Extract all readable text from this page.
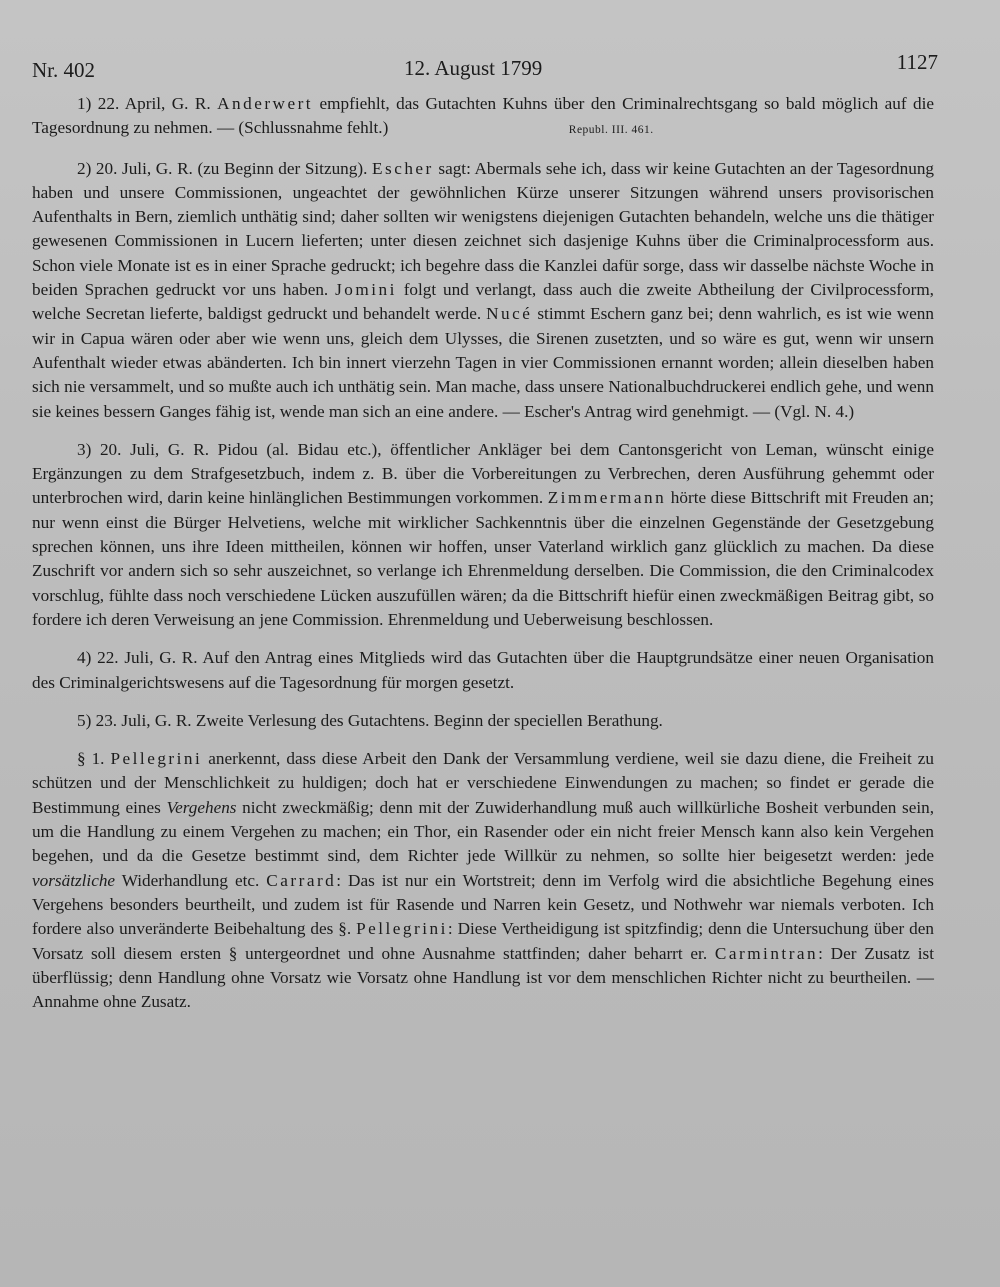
Nr. 402	12. August 1799	1127

1) 22. April, G. R. Anderwert empfiehlt, das Gutachten Kuhns über den Criminalrechtsgang so bald möglich auf die Tagesordnung zu nehmen. — (Schlussnahme fehlt.)	Republ. III. 461.

2) 20. Juli, G. R. (zu Beginn der Sitzung). Escher sagt: Abermals sehe ich, dass wir keine Gutachten an der Tagesordnung haben und unsere Commissionen, ungeachtet der gewöhnlichen Kürze unserer Sitzungen während unsers provisorischen Aufenthalts in Bern, ziemlich unthätig sind; daher sollten wir wenigstens diejenigen Gutachten behandeln, welche uns die thätiger gewesenen Commissionen in Lucern lieferten; unter diesen zeichnet sich dasjenige Kuhns über die Criminalprocessform aus. Schon viele Monate ist es in einer Sprache gedruckt; ich begehre dass die Kanzlei dafür sorge, dass wir dasselbe nächste Woche in beiden Sprachen gedruckt vor uns haben. Jomini folgt und verlangt, dass auch die zweite Abtheilung der Civilprocessform, welche Secretan lieferte, baldigst gedruckt und behandelt werde. Nucé stimmt Eschern ganz bei; denn wahrlich, es ist wie wenn wir in Capua wären oder aber wie wenn uns, gleich dem Ulysses, die Sirenen zusetzten, und so wäre es gut, wenn wir unsern Aufenthalt wieder etwas abänderten. Ich bin innert vierzehn Tagen in vier Commissionen ernannt worden; allein dieselben haben sich nie versammelt, und so mußte auch ich unthätig sein. Man mache, dass unsere Nationalbuchdruckerei endlich gehe, und wenn sie keines bessern Ganges fähig ist, wende man sich an eine andere. — Escher's Antrag wird genehmigt. — (Vgl. N. 4.)

3) 20. Juli, G. R. Pidou (al. Bidau etc.), öffentlicher Ankläger bei dem Cantonsgericht von Leman, wünscht einige Ergänzungen zu dem Strafgesetzbuch, indem z. B. über die Vorbereitungen zu Verbrechen, deren Ausführung gehemmt oder unterbrochen wird, darin keine hinlänglichen Bestimmungen vorkommen. Zimmermann hörte diese Bittschrift mit Freuden an; nur wenn einst die Bürger Helvetiens, welche mit wirklicher Sachkenntnis über die einzelnen Gegenstände der Gesetzgebung sprechen können, uns ihre Ideen mittheilen, können wir hoffen, unser Vaterland wirklich ganz glücklich zu machen. Da diese Zuschrift vor andern sich so sehr auszeichnet, so verlange ich Ehrenmeldung derselben. Die Commission, die den Criminalcodex vorschlug, fühlte dass noch verschiedene Lücken auszufüllen wären; da die Bittschrift hiefür einen zweckmäßigen Beitrag gibt, so fordere ich deren Verweisung an jene Commission. Ehrenmeldung und Ueberweisung beschlossen.

4) 22. Juli, G. R. Auf den Antrag eines Mitglieds wird das Gutachten über die Hauptgrundsätze einer neuen Organisation des Criminalgerichtswesens auf die Tagesordnung für morgen gesetzt.

5) 23. Juli, G. R. Zweite Verlesung des Gutachtens. Beginn der speciellen Berathung.

§ 1. Pellegrini anerkennt, dass diese Arbeit den Dank der Versammlung verdiene, weil sie dazu diene, die Freiheit zu schützen und der Menschlichkeit zu huldigen; doch hat er verschiedene Einwendungen zu machen; so findet er gerade die Bestimmung eines Vergehens nicht zweckmäßig; denn mit der Zuwiderhandlung muß auch willkürliche Bosheit verbunden sein, um die Handlung zu einem Vergehen zu machen; ein Thor, ein Rasender oder ein nicht freier Mensch kann also kein Vergehen begehen, und da die Gesetze bestimmt sind, dem Richter jede Willkür zu nehmen, so sollte hier beigesetzt werden: jede vorsätzliche Widerhandlung etc. Carrard: Das ist nur ein Wortstreit; denn im Verfolg wird die absichtliche Begehung eines Vergehens besonders beurtheilt, und zudem ist für Rasende und Narren kein Gesetz, und Nothwehr war niemals verboten. Ich fordere also unveränderte Beibehaltung des §. Pellegrini: Diese Vertheidigung ist spitzfindig; denn die Untersuchung über den Vorsatz soll diesem ersten § untergeordnet und ohne Ausnahme stattfinden; daher beharrt er. Carmintran: Der Zusatz ist überflüssig; denn Handlung ohne Vorsatz wie Vorsatz ohne Handlung ist vor dem menschlichen Richter nicht zu beurtheilen. — Annahme ohne Zusatz.
